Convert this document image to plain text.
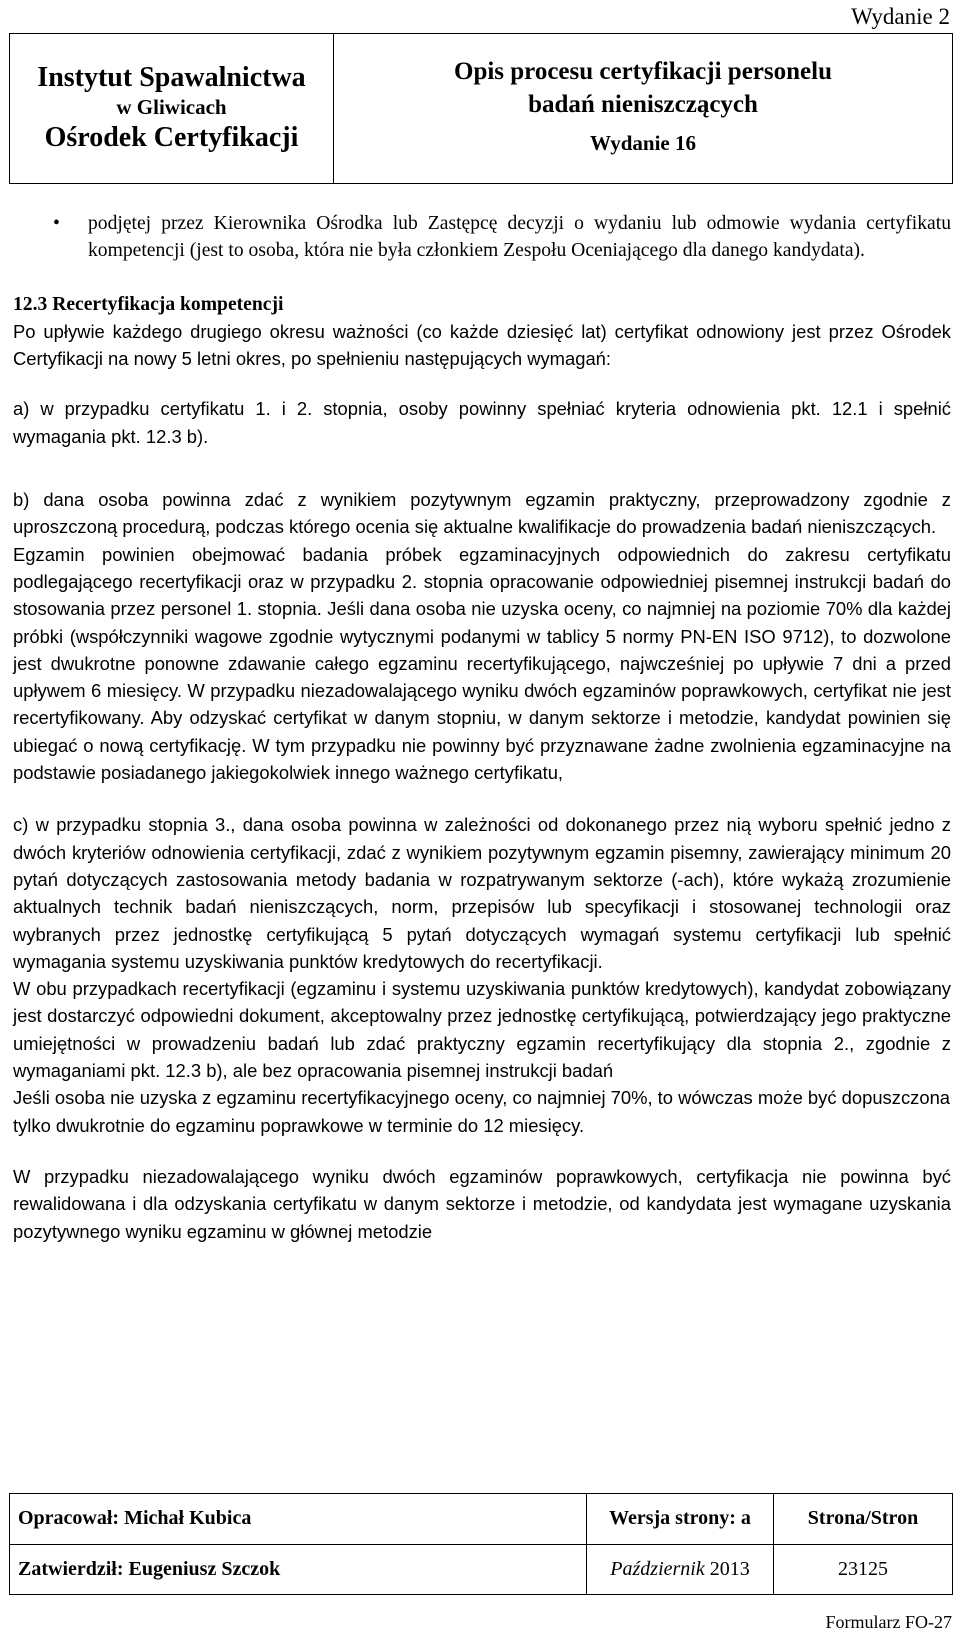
Wydanie 2
Instytut Spawalnictwa
w Gliwicach
Ośrodek Certyfikacji

Opis procesu certyfikacji personelu
badań nieniszczących
Wydanie 16

• podjętej przez Kierownika Ośrodka lub Zastępcę decyzji o wydaniu lub odmowie wydania certyfikatu kompetencji (jest to osoba, która nie była członkiem Zespołu Oceniającego dla danego kandydata).

12.3 Recertyfikacja kompetencji

Po upływie każdego drugiego okresu ważności (co każde dziesięć lat) certyfikat odnowiony jest przez Ośrodek Certyfikacji na nowy 5 letni okres, po spełnieniu następujących wymagań:

a) w przypadku certyfikatu 1. i 2. stopnia, osoby powinny spełniać kryteria odnowienia pkt. 12.1 i spełnić wymagania pkt. 12.3 b).

b) dana osoba powinna zdać z wynikiem pozytywnym egzamin praktyczny, przeprowadzony zgodnie z uproszczoną procedurą, podczas którego ocenia się aktualne kwalifikacje do prowadzenia badań nieniszczących.

Egzamin powinien obejmować badania próbek egzaminacyjnych odpowiednich do zakresu certyfikatu podlegającego recertyfikacji oraz w przypadku 2. stopnia opracowanie odpowiedniej pisemnej instrukcji badań do stosowania przez personel 1. stopnia. Jeśli dana osoba nie uzyska oceny, co najmniej na poziomie 70% dla każdej próbki (współczynniki wagowe zgodnie wytycznymi podanymi w tablicy 5 normy PN-EN ISO 9712), to dozwolone jest dwukrotne ponowne zdawanie całego egzaminu recertyfikującego, najwcześniej po upływie 7 dni a przed upływem 6 miesięcy. W przypadku niezadowalającego wyniku dwóch egzaminów poprawkowych, certyfikat nie jest recertyfikowany. Aby odzyskać certyfikat w danym stopniu, w danym sektorze i metodzie, kandydat powinien się ubiegać o nową certyfikację. W tym przypadku nie powinny być przyznawane żadne zwolnienia egzaminacyjne na podstawie posiadanego jakiegokolwiek innego ważnego certyfikatu,

c) w przypadku stopnia 3., dana osoba powinna w zależności od dokonanego przez nią wyboru spełnić jedno z dwóch kryteriów odnowienia certyfikacji, zdać z wynikiem pozytywnym egzamin pisemny, zawierający minimum 20 pytań dotyczących zastosowania metody badania w rozpatrywanym sektorze (-ach), które wykażą zrozumienie aktualnych technik badań nieniszczących, norm, przepisów lub specyfikacji i stosowanej technologii oraz wybranych przez jednostkę certyfikującą 5 pytań dotyczących wymagań systemu certyfikacji lub spełnić wymagania systemu uzyskiwania punktów kredytowych do recertyfikacji.

W obu przypadkach recertyfikacji (egzaminu i systemu uzyskiwania punktów kredytowych), kandydat zobowiązany jest dostarczyć odpowiedni dokument, akceptowalny przez jednostkę certyfikującą, potwierdzający jego praktyczne umiejętności w prowadzeniu badań lub zdać praktyczny egzamin recertyfikujący dla stopnia 2., zgodnie z wymaganiami pkt. 12.3 b), ale bez opracowania pisemnej instrukcji badań

Jeśli osoba nie uzyska z egzaminu recertyfikacyjnego oceny, co najmniej 70%, to wówczas może być dopuszczona tylko dwukrotnie do egzaminu poprawkowe w terminie do 12 miesięcy.

W przypadku niezadowalającego wyniku dwóch egzaminów poprawkowych, certyfikacja nie powinna być rewalidowana i dla odzyskania certyfikatu w danym sektorze i metodzie, od kandydata jest wymagane uzyskania pozytywnego wyniku egzaminu w głównej metodzie

Opracował: Michał Kubica	Wersja strony: a	Strona/Stron
Zatwierdził: Eugeniusz Szczok	Październik 2013	23125
Formularz FO-27
